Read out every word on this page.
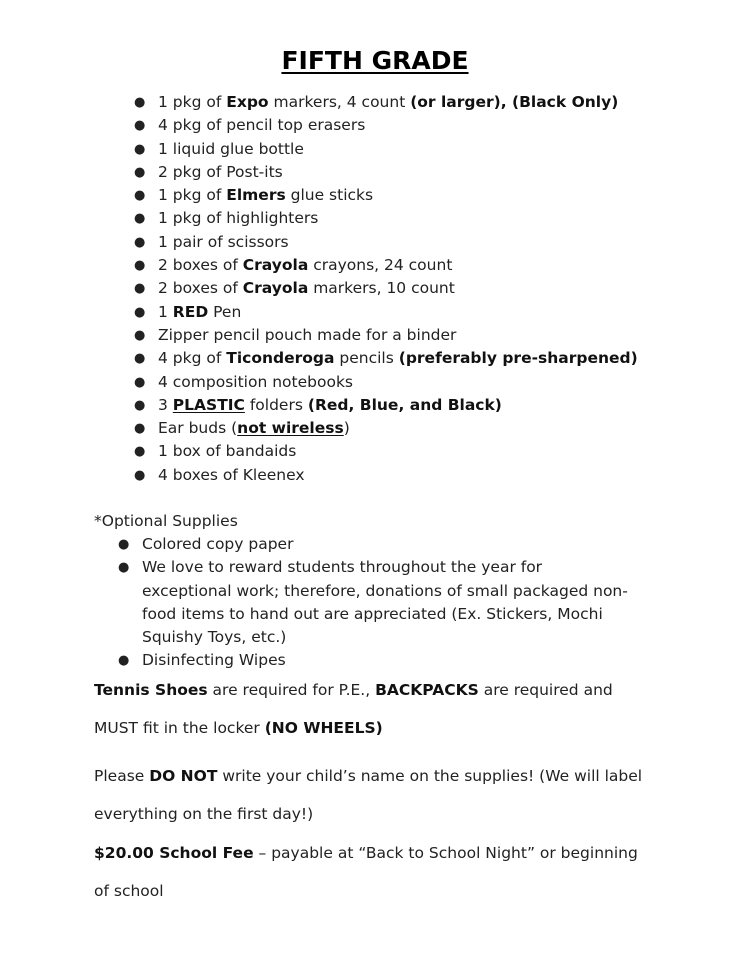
FIFTH GRADE
● 1 pkg of Expo markers, 4 count (or larger), (Black Only)
● 4 pkg of pencil top erasers
● 1 liquid glue bottle
● 2 pkg of Post-its
● 1 pkg of Elmers glue sticks
● 1 pkg of highlighters
● 1 pair of scissors
● 2 boxes of Crayola crayons, 24 count
● 2 boxes of Crayola markers, 10 count
● 1 RED Pen
● Zipper pencil pouch made for a binder
● 4 pkg of Ticonderoga pencils (preferably pre-sharpened)
● 4 composition notebooks
● 3 PLASTIC folders (Red, Blue, and Black)
● Ear buds (not wireless)
● 1 box of bandaids
● 4 boxes of Kleenex

*Optional Supplies

● Colored copy paper
● We love to reward students throughout the year for exceptional work; therefore, donations of small packaged non-food items to hand out are appreciated (Ex. Stickers, Mochi Squishy Toys, etc.)
● Disinfecting Wipes

Tennis Shoes are required for P.E., BACKPACKS are required and MUST fit in the locker (NO WHEELS)

Please DO NOT write your child’s name on the supplies! (We will label everything on the first day!)

$20.00 School Fee – payable at “Back to School Night” or beginning of school
